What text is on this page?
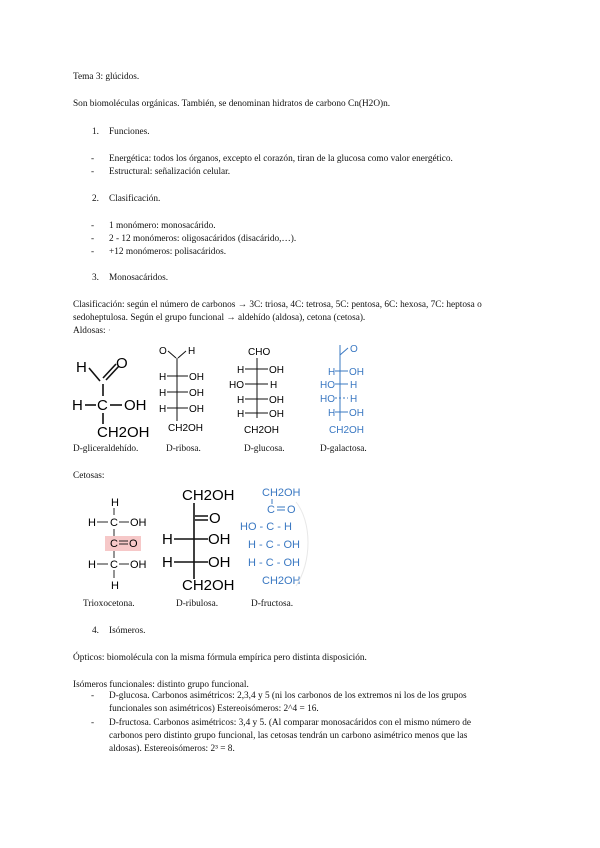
Tema 3: glúcidos.
Son biomoléculas orgánicas. También, se denominan hidratos de carbono Cn(H2O)n.
1. Funciones.
- Energética: todos los órganos, excepto el corazón, tiran de la glucosa como valor energético.
- Estructural: señalización celular.
2. Clasificación.
- 1 monómero: monosacárido.
- 2 - 12 monómeros: oligosacáridos (disacárido,…).
- +12 monómeros: polisacáridos.
3. Monosacáridos.
Clasificación: según el número de carbonos → 3C: triosa, 4C: tetrosa, 5C: pentosa, 6C: hexosa, 7C: heptosa o
sedoheptulosa. Según el grupo funcional → aldehído (aldosa), cetona (cetosa).
Aldosas: ·
H O
H C OH
CH2OH
D-gliceraldehído.
O H
H OH
H OH
H OH
CH2OH
D-ribosa.
CHO
H OH
HO	H
H OH
H OH
CH2OH
D-glucosa.
O
H OH
HO H
HO H
H OH
CH2OH
D-galactosa.
Cetosas:
H
H C OH
C O
H C OH
H
Trioxocetona.
CH2OH
O
H OH
H OH
CH2OH
D-ribulosa.
CH2OH
C O
HO - C - H
H - C - OH
H - C - OH
CH2OH
D-fructosa.
4. Isómeros.
Ópticos: biomolécula con la misma fórmula empírica pero distinta disposición.
Isómeros funcionales: distinto grupo funcional.
- D-glucosa. Carbonos asimétricos: 2,3,4 y 5 (ni los carbonos de los extremos ni los de los grupos
funcionales son asimétricos) Estereoisómeros: 2^4 = 16.
- D-fructosa. Carbonos asimétricos: 3,4 y 5. (Al comparar monosacáridos con el mismo número de
carbonos pero distinto grupo funcional, las cetosas tendrán un carbono asimétrico menos que las
aldosas). Estereoisómeros: 2³ = 8.
